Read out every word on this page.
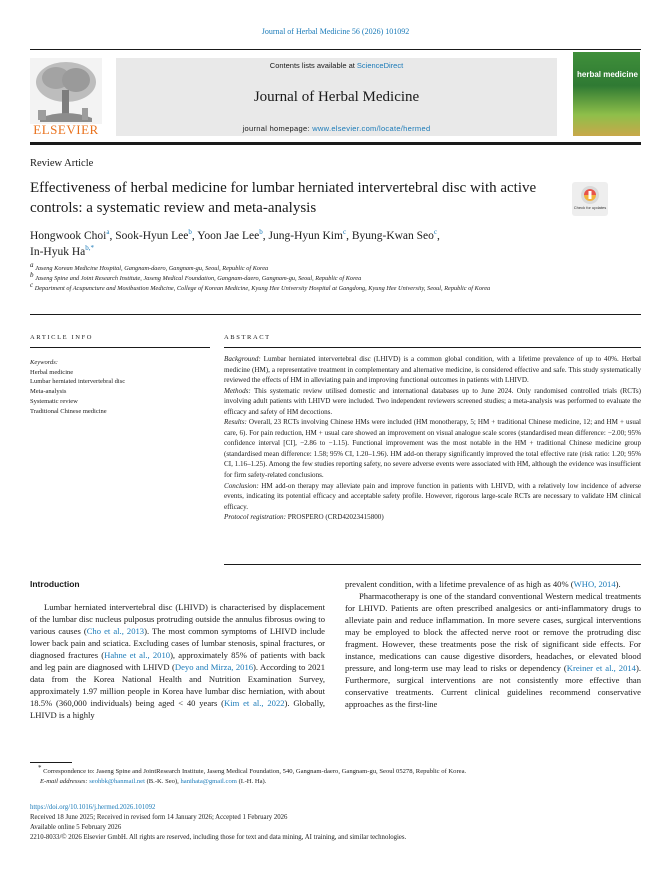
Journal of Herbal Medicine 56 (2026) 101092
ELSEVIER
Contents lists available at ScienceDirect
Journal of Herbal Medicine
journal homepage: www.elsevier.com/locate/hermed
herbal medicine
Review Article
Effectiveness of herbal medicine for lumbar herniated intervertebral disc with active controls: a systematic review and meta-analysis	Check for updates
Hongwook Choi$^a$, Sook-Hyun Lee$^b$, Yoon Jae Lee$^b$, Jung-Hyun Kim$^c$, Byung-Kwan Seo$^c$,
In-Hyuk $Ha^{b,*}$
$^a$ Jaseng Korean Medicine Hospital, Gangnam-daero, Gangnam-gu, Seoul, Republic of Korea
$^b$ Jaseng Spine and Joint Research Institute, Jaseng Medical Foundation, Gangnam-daero, Gangnam-gu, Seoul, Republic of Korea
$^c$ Department of Acupuncture and Moxibustion Medicine, College of Korean Medicine, Kyung Hee University Hospital at Gangdong, Kyung Hee University, Seoul, Republic of Korea
ARTICLE INFO	ABSTRACT
Keywords:
Herbal medicine
Lumbar herniated intervertebral disc
Meta-analysis
Systematic review
Traditional Chinese medicine

Background: Lumbar herniated intervertebral disc (LHIVD) is a common global condition, with a lifetime prevalence of up to 40%. Herbal medicine (HM), a representative treatment in complementary and alternative medicine, is considered effective and safe. This study systematically reviewed the effects of HM in alleviating pain and improving functional outcomes in patients with LHIVD.

Methods: This systematic review utilised domestic and international databases up to June 2024. Only randomised controlled trials (RCTs) involving adult patients with LHIVD were included. Two independent reviewers screened studies; a meta-analysis was performed to evaluate the efficacy and safety of HM decoctions.

Results: Overall, 23 RCTs involving Chinese HMs were included (HM monotherapy, 5; HM + traditional Chinese medicine, 12; and HM + usual care, 6). For pain reduction, HM + usual care showed an improvement on visual analogue scale scores (standardised mean difference: −2.00; 95% confidence interval [CI], −2.86 to −1.15). Functional improvement was the most notable in the HM + traditional Chinese medicine group (standardised mean difference: 1.58; 95% CI, 1.20–1.96). HM add-on therapy significantly improved the total effective rate (risk ratio: 1.20; 95% CI, 1.16–1.25). Among the few studies reporting safety, no severe adverse events were associated with HM, although the evidence was insufficient for firm safety-related conclusions.

Conclusion: HM add-on therapy may alleviate pain and improve function in patients with LHIVD, with a relatively low incidence of adverse events, indicating its potential efficacy and acceptable safety profile. However, rigorous large-scale RCTs are necessary to validate HM clinical efficacy.

Protocol registration: PROSPERO (CRD42023415800)

Introduction

Lumbar herniated intervertebral disc (LHIVD) is characterised by displacement of the lumbar disc nucleus pulposus protruding outside the annulus fibrosus owing to various causes (Cho et al., 2013). The most common symptoms of LHIVD include lower back pain and sciatica. Excluding cases of lumbar stenosis, spinal fractures, or diagnosed fractures (Hahne et al., 2010), approximately 85% of patients with back and leg pain are diagnosed with LHIVD (Deyo and Mirza, 2016). According to 2021 data from the Korea National Health and Nutrition Examination Survey, approximately 1.97 million people in Korea have lumbar disc herniation, with about 18.5% (360,000 individuals) being aged < 40 years (Kim et al., 2022). Globally, LHIVD is a highly

prevalent condition, with a lifetime prevalence of as high as 40% (WHO, 2014).

Pharmacotherapy is one of the standard conventional Western medical treatments for LHIVD. Patients are often prescribed analgesics or anti-inflammatory drugs to alleviate pain and reduce inflammation. In more severe cases, surgical interventions may be employed to block the affected nerve root or remove the protruding disc fragment. However, these treatments pose the risk of significant side effects. For instance, medications can cause digestive disorders, headaches, or elevated blood pressure, and long-term use may lead to risks or dependency (Kreiner et al., 2014). Furthermore, surgical interventions are not consistently more effective than conservative treatments. Current clinical guidelines recommend conservative approaches as the first-line

* Correspondence to: Jaseng Spine and JointResearch Institute, Jaseng Medical Foundation, 540, Gangnam-daero, Gangnam-gu, Seoul 05278, Republic of Korea.
E-mail addresses: seohbk@hanmail.net (B.-K. Seo), hanihata@gmail.com (I.-H. Ha).
https://doi.org/10.1016/j.hermed.2026.101092
Received 18 June 2025; Received in revised form 14 January 2026; Accepted 1 February 2026
Available online 5 February 2026
2210-8033/© 2026 Elsevier GmbH. All rights are reserved, including those for text and data mining, AI training, and similar technologies.
